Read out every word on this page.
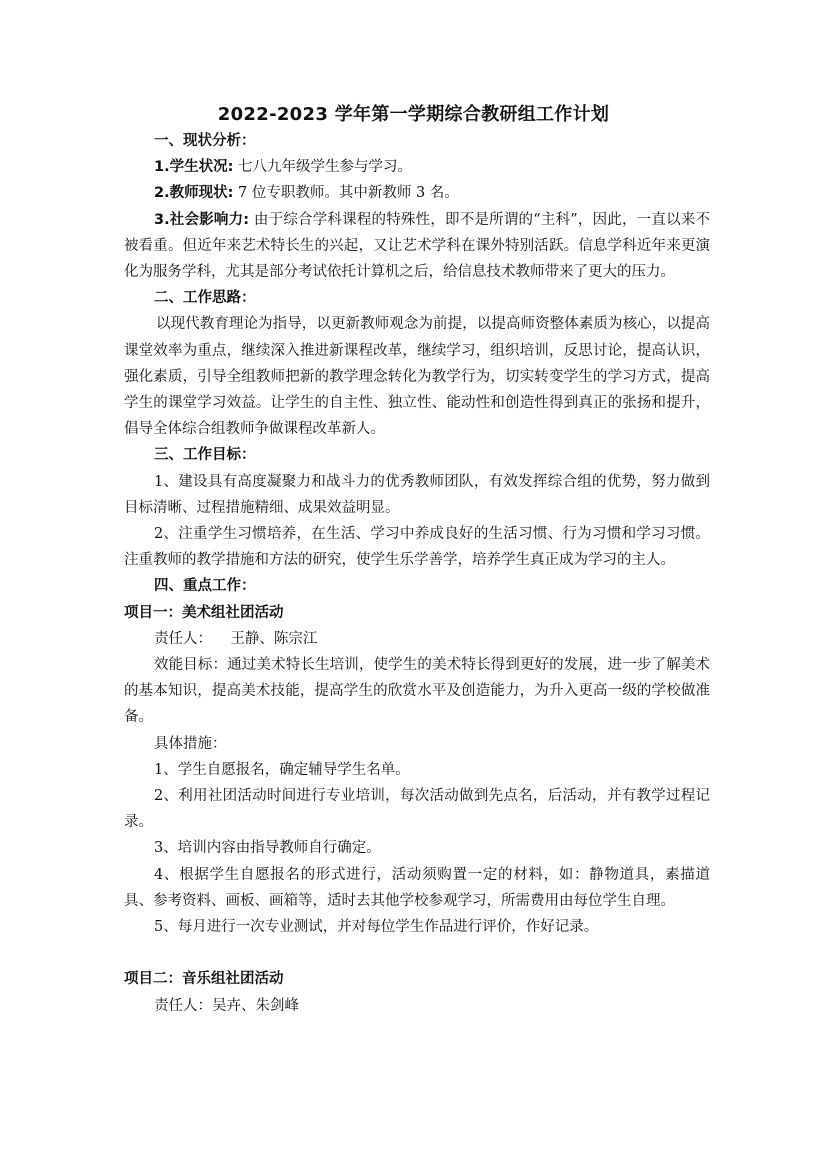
2022-2023 学年第一学期综合教研组工作计划

一、现状分析：

1.学生状况: 七八九年级学生参与学习。

2.教师现状: 7 位专职教师。其中新教师 3 名。

3.社会影响力: 由于综合学科课程的特殊性，即不是所谓的“主科”，因此，一直以来不被看重。但近年来艺术特长生的兴起，又让艺术学科在课外特别活跃。信息学科近年来更演化为服务学科，尤其是部分考试依托计算机之后，给信息技术教师带来了更大的压力。

二、工作思路：

以现代教育理论为指导，以更新教师观念为前提，以提高师资整体素质为核心，以提高课堂效率为重点，继续深入推进新课程改革，继续学习，组织培训，反思讨论，提高认识，强化素质，引导全组教师把新的教学理念转化为教学行为，切实转变学生的学习方式，提高学生的课堂学习效益。让学生的自主性、独立性、能动性和创造性得到真正的张扬和提升，倡导全体综合组教师争做课程改革新人。

三、工作目标：

1、建设具有高度凝聚力和战斗力的优秀教师团队，有效发挥综合组的优势，努力做到目标清晰、过程措施精细、成果效益明显。

2、注重学生习惯培养，在生活、学习中养成良好的生活习惯、行为习惯和学习习惯。注重教师的教学措施和方法的研究，使学生乐学善学，培养学生真正成为学习的主人。

四、重点工作：

项目一：美术组社团活动

责任人：    王静、陈宗江

效能目标：通过美术特长生培训，使学生的美术特长得到更好的发展，进一步了解美术的基本知识，提高美术技能，提高学生的欣赏水平及创造能力，为升入更高一级的学校做准备。

具体措施：

1、学生自愿报名，确定辅导学生名单。

2、利用社团活动时间进行专业培训，每次活动做到先点名，后活动，并有教学过程记录。

3、培训内容由指导教师自行确定。

4、根据学生自愿报名的形式进行，活动须购置一定的材料，如：静物道具，素描道具、参考资料、画板、画箱等，适时去其他学校参观学习，所需费用由每位学生自理。

5、每月进行一次专业测试，并对每位学生作品进行评价，作好记录。

项目二：音乐组社团活动

责任人：吴卉、朱剑峰
